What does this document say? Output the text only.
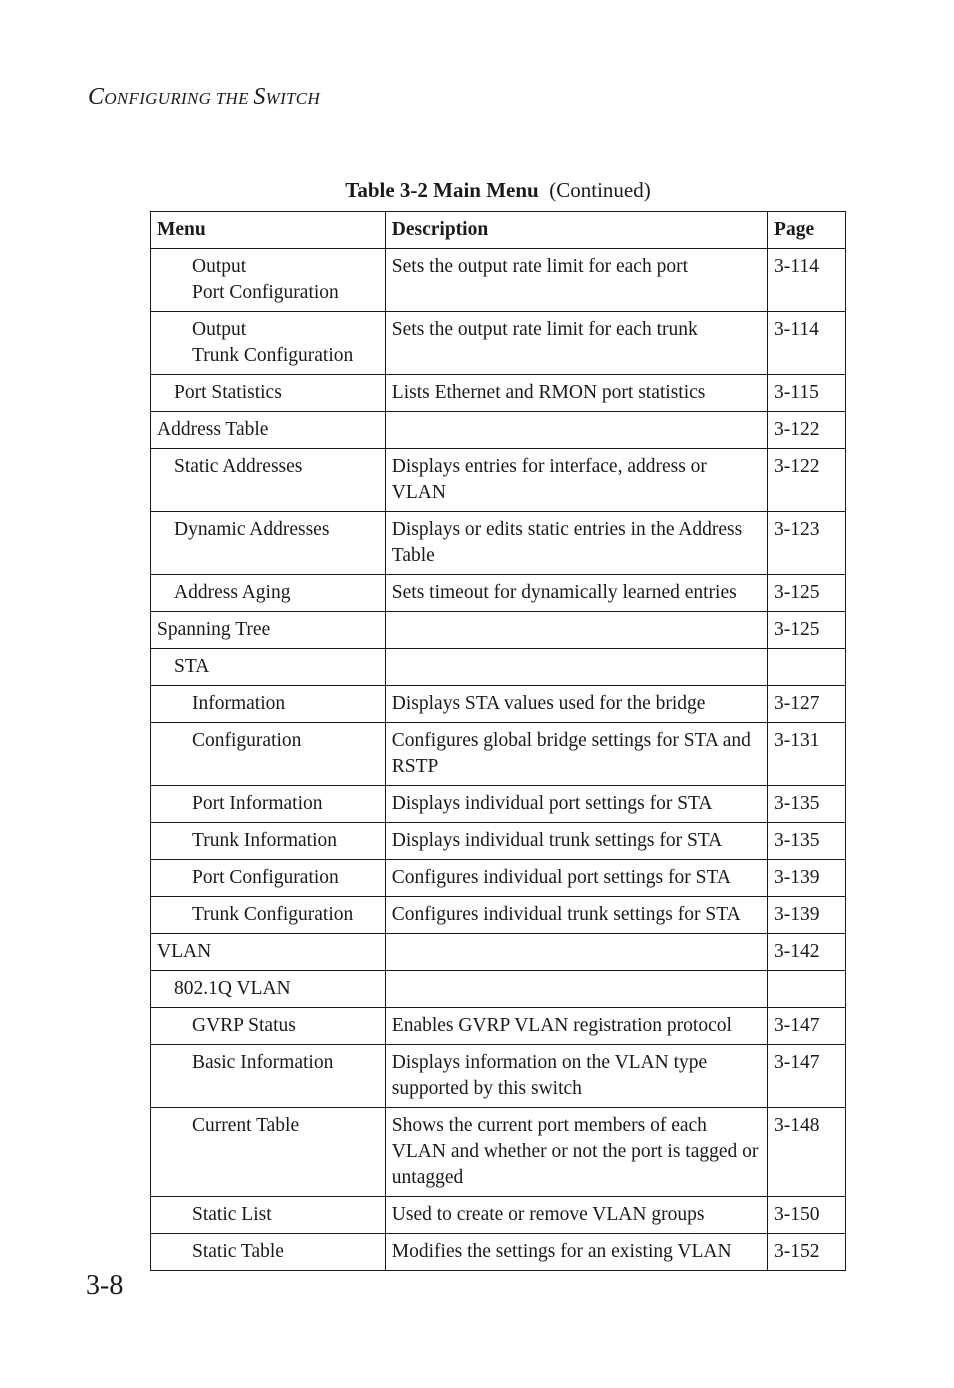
CONFIGURING THE SWITCH
Table 3-2 Main Menu (Continued)
Menu	Description	Page

Output
Port Configuration	Sets the output rate limit for each port	3-114

Output
Trunk Configuration	Sets the output rate limit for each trunk	3-114

Port Statistics	Lists Ethernet and RMON port statistics	3-115

Address Table		3-122

Static Addresses	Displays entries for interface, address or VLAN	3-122

Dynamic Addresses	Displays or edits static entries in the Address Table	3-123

Address Aging	Sets timeout for dynamically learned entries	3-125

Spanning Tree		3-125

STA		

Information	Displays STA values used for the bridge	3-127

Configuration	Configures global bridge settings for STA and RSTP	3-131

Port Information	Displays individual port settings for STA	3-135

Trunk Information	Displays individual trunk settings for STA	3-135

Port Configuration	Configures individual port settings for STA	3-139

Trunk Configuration	Configures individual trunk settings for STA	3-139

VLAN		3-142

802.1Q VLAN		

GVRP Status	Enables GVRP VLAN registration protocol	3-147

Basic Information	Displays information on the VLAN type supported by this switch	3-147

Current Table	Shows the current port members of each VLAN and whether or not the port is tagged or untagged	3-148

Static List	Used to create or remove VLAN groups	3-150

Static Table	Modifies the settings for an existing VLAN	3-152
3-8
